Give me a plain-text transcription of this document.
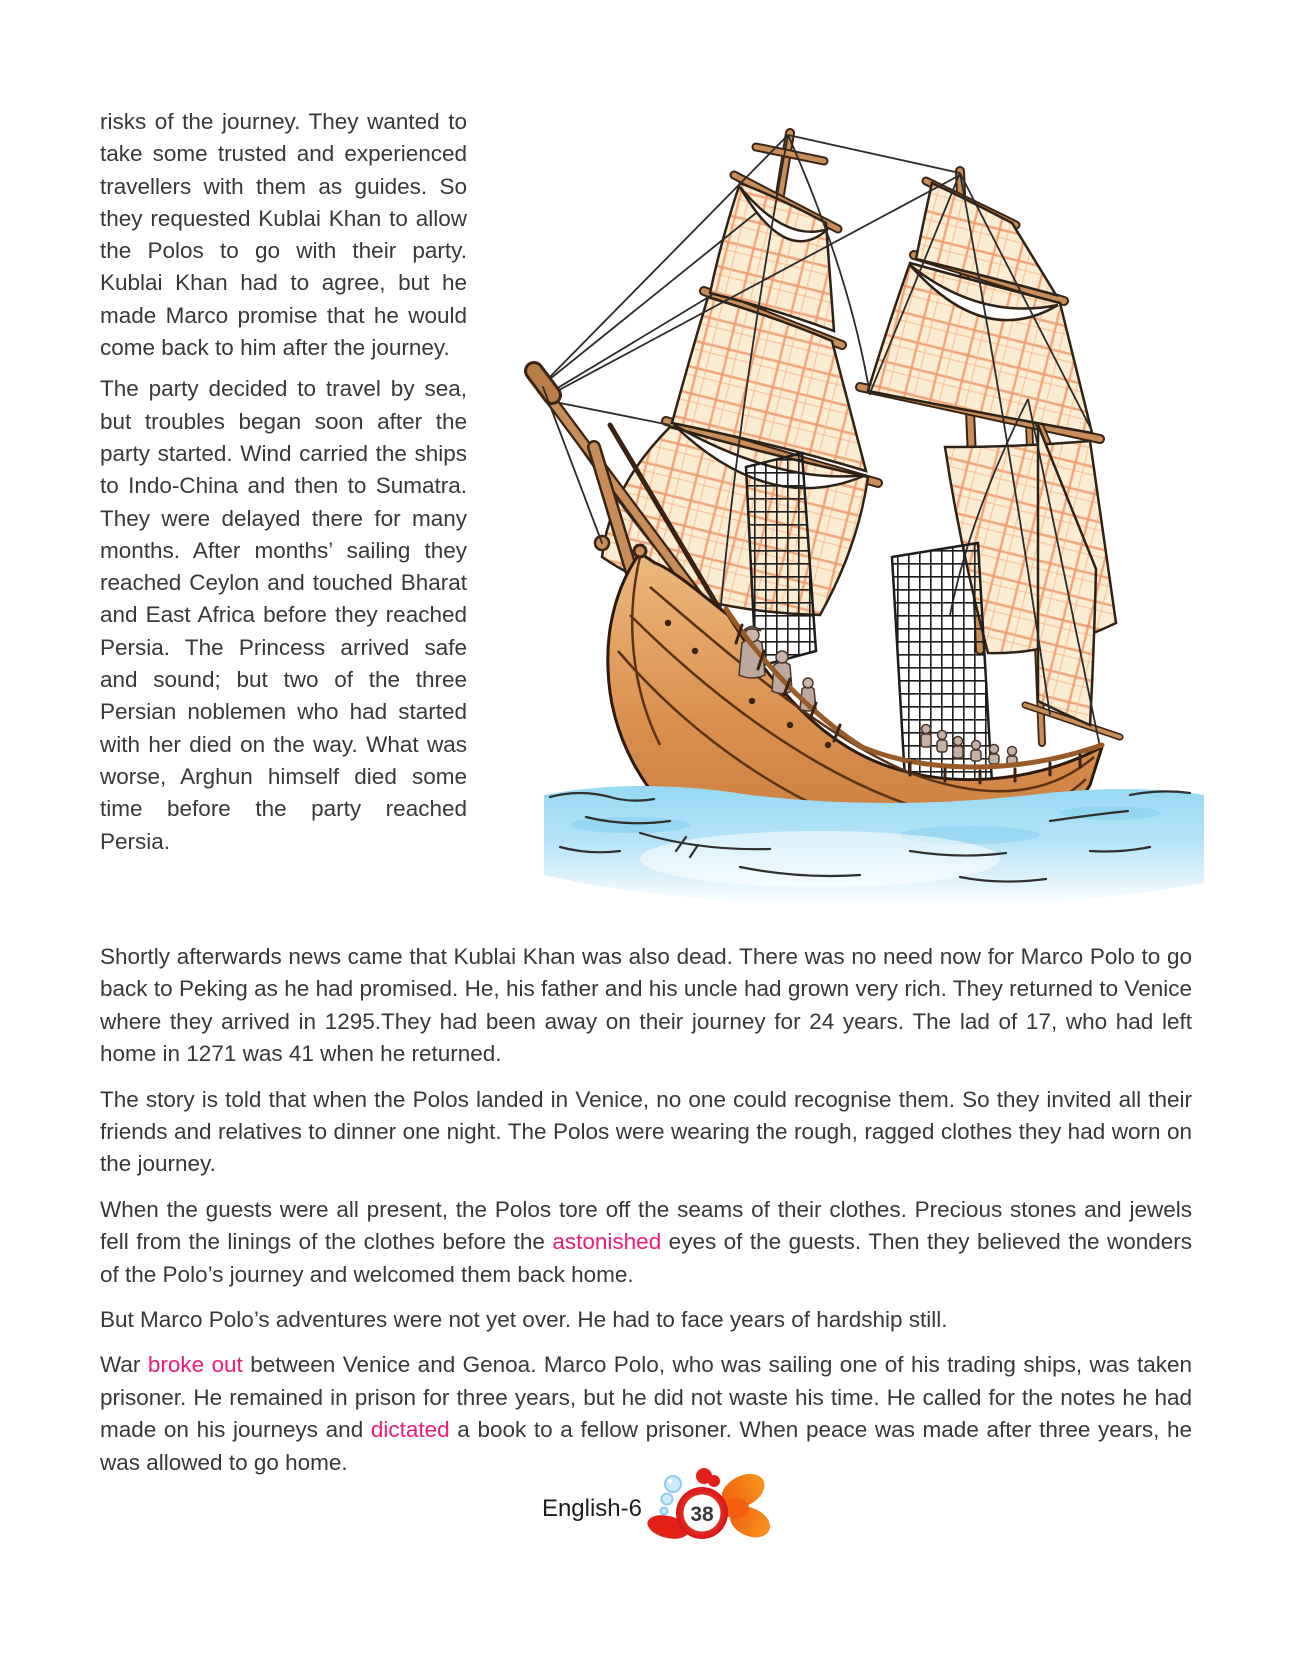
risks of the journey. They wanted to take some trusted and experienced travellers with them as guides. So they requested Kublai Khan to allow the Polos to go with their party. Kublai Khan had to agree, but he made Marco promise that he would come back to him after the journey.

The party decided to travel by sea, but troubles began soon after the party started. Wind carried the ships to Indo-China and then to Sumatra. They were delayed there for many months. After months’ sailing they reached Ceylon and touched Bharat and East Africa before they reached Persia. The Princess arrived safe and sound; but two of the three Persian noblemen who had started with her died on the way. What was worse, Arghun himself died some time before the party reached Persia.

Shortly afterwards news came that Kublai Khan was also dead. There was no need now for Marco Polo to go back to Peking as he had promised. He, his father and his uncle had grown very rich. They returned to Venice where they arrived in 1295.They had been away on their journey for 24 years. The lad of 17, who had left home in 1271 was 41 when he returned.

The story is told that when the Polos landed in Venice, no one could recognise them. So they invited all their friends and relatives to dinner one night. The Polos were wearing the rough, ragged clothes they had worn on the journey.

When the guests were all present, the Polos tore off the seams of their clothes. Precious stones and jewels fell from the linings of the clothes before the astonished eyes of the guests. Then they believed the wonders of the Polo’s journey and welcomed them back home.

But Marco Polo’s adventures were not yet over. He had to face years of hardship still.

War broke out between Venice and Genoa. Marco Polo, who was sailing one of his trading ships, was taken prisoner. He remained in prison for three years, but he did not waste his time. He called for the notes he had made on his journeys and dictated a book to a fellow prisoner. When peace was made after three years, he was allowed to go home.

English-6 38
